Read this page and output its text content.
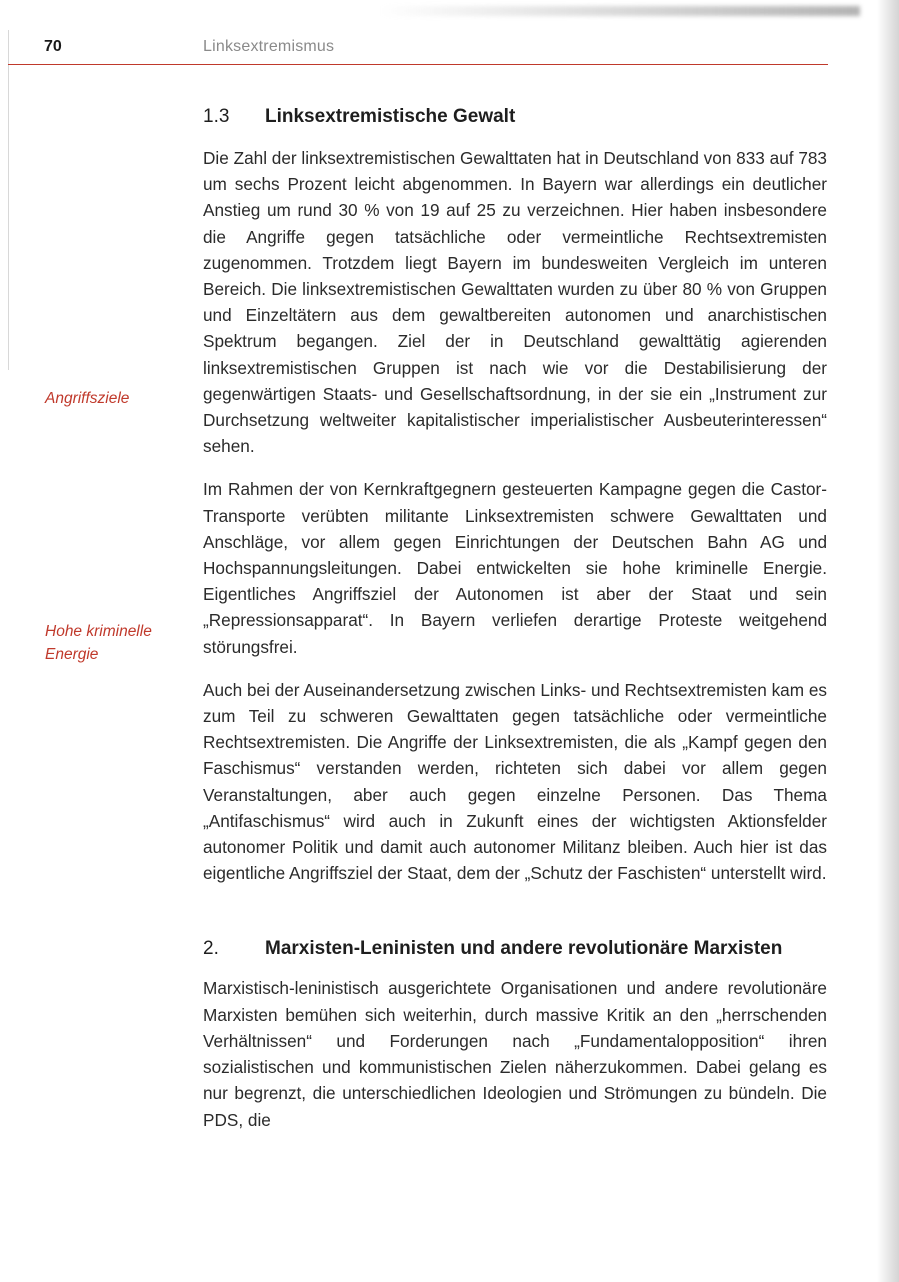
70	Linksextremismus
Angriffsziele
Hohe kriminelle
Energie
1.3	Linksextremistische Gewalt

Die Zahl der linksextremistischen Gewalttaten hat in Deutschland von 833 auf 783 um sechs Prozent leicht abgenommen. In Bayern war allerdings ein deutlicher Anstieg um rund 30 % von 19 auf 25 zu verzeichnen. Hier haben insbesondere die Angriffe gegen tatsächliche oder vermeintliche Rechtsextremisten zugenommen. Trotzdem liegt Bayern im bundesweiten Vergleich im unteren Bereich. Die linksextremistischen Gewalttaten wurden zu über 80 % von Gruppen und Einzeltätern aus dem gewaltbereiten autonomen und anarchistischen Spektrum begangen. Ziel der in Deutschland gewalttätig agierenden linksextremistischen Gruppen ist nach wie vor die Destabilisierung der gegenwärtigen Staats- und Gesellschaftsordnung, in der sie ein „Instrument zur Durchsetzung weltweiter kapitalistischer imperialistischer Ausbeuterinteressen“ sehen.

Im Rahmen der von Kernkraftgegnern gesteuerten Kampagne gegen die Castor-Transporte verübten militante Linksextremisten schwere Gewalttaten und Anschläge, vor allem gegen Einrichtungen der Deutschen Bahn AG und Hochspannungsleitungen. Dabei entwickelten sie hohe kriminelle Energie. Eigentliches Angriffsziel der Autonomen ist aber der Staat und sein „Repressionsapparat“. In Bayern verliefen derartige Proteste weitgehend störungsfrei.

Auch bei der Auseinandersetzung zwischen Links- und Rechtsextremisten kam es zum Teil zu schweren Gewalttaten gegen tatsächliche oder vermeintliche Rechtsextremisten. Die Angriffe der Linksextremisten, die als „Kampf gegen den Faschismus“ verstanden werden, richteten sich dabei vor allem gegen Veranstaltungen, aber auch gegen einzelne Personen. Das Thema „Antifaschismus“ wird auch in Zukunft eines der wichtigsten Aktionsfelder autonomer Politik und damit auch autonomer Militanz bleiben. Auch hier ist das eigentliche Angriffsziel der Staat, dem der „Schutz der Faschisten“ unterstellt wird.

2.	Marxisten-Leninisten und andere revolutionäre Marxisten

Marxistisch-leninistisch ausgerichtete Organisationen und andere revolutionäre Marxisten bemühen sich weiterhin, durch massive Kritik an den „herrschenden Verhältnissen“ und Forderungen nach „Fundamentalopposition“ ihren sozialistischen und kommunistischen Zielen näherzukommen. Dabei gelang es nur begrenzt, die unterschiedlichen Ideologien und Strömungen zu bündeln. Die PDS, die
